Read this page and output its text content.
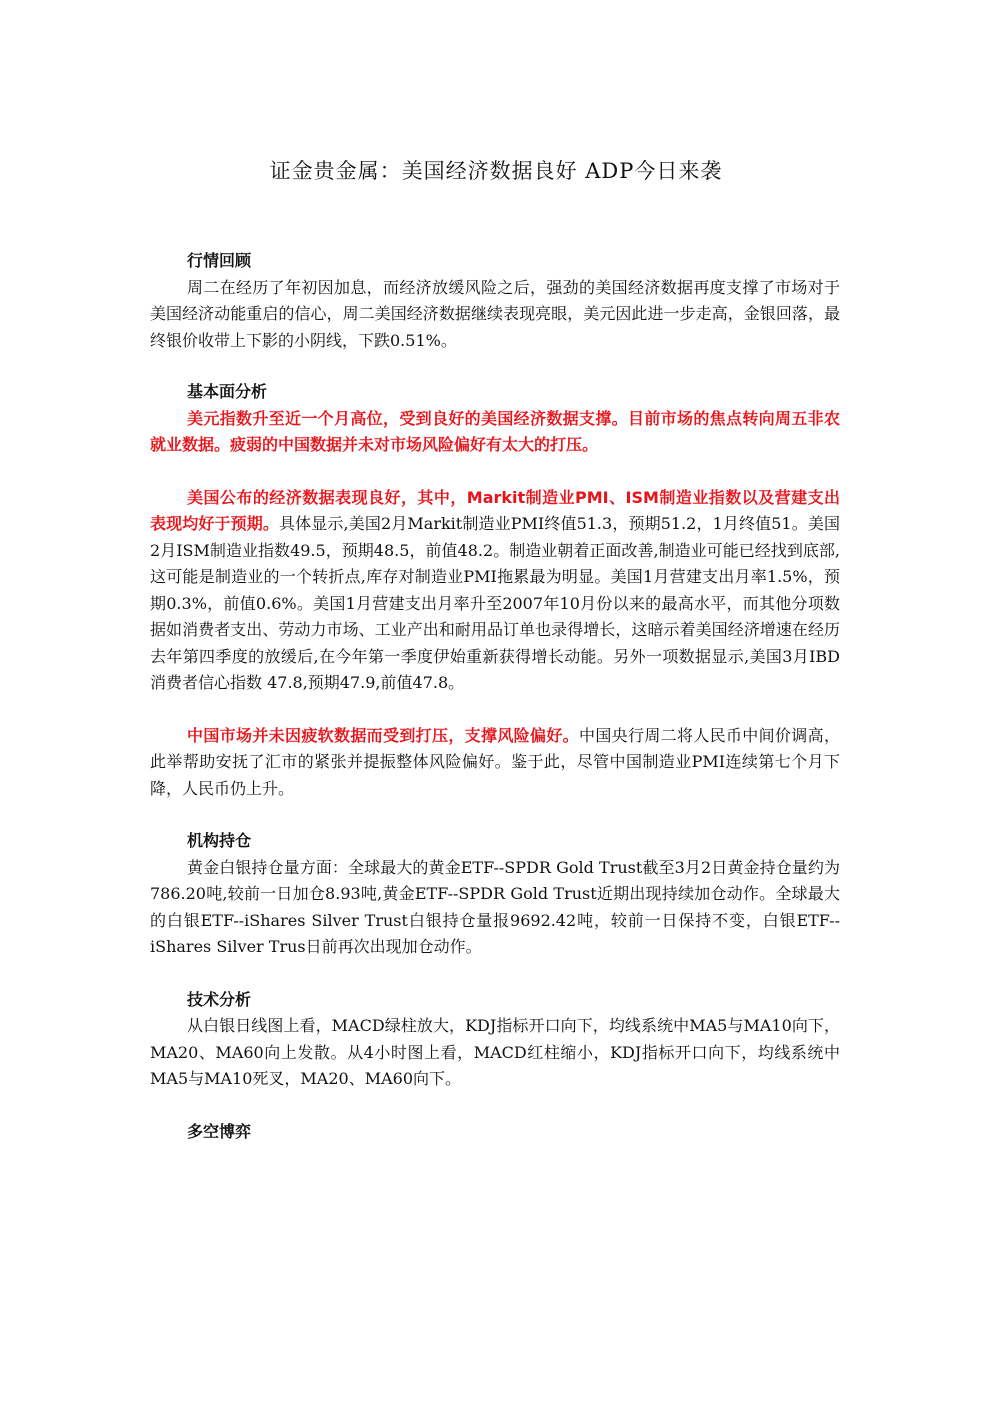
证金贵金属：美国经济数据良好 ADP今日来袭
行情回顾

周二在经历了年初因加息，而经济放缓风险之后，强劲的美国经济数据再度支撑了市场对于美国经济动能重启的信心，周二美国经济数据继续表现亮眼，美元因此进一步走高，金银回落，最终银价收带上下影的小阴线，下跌0.51%。

基本面分析

美元指数升至近一个月高位，受到良好的美国经济数据支撑。目前市场的焦点转向周五非农就业数据。疲弱的中国数据并未对市场风险偏好有太大的打压。

美国公布的经济数据表现良好，其中，Markit制造业PMI、ISM制造业指数以及营建支出表现均好于预期。具体显示,美国2月Markit制造业PMI终值51.3，预期51.2，1月终值51。美国2月ISM制造业指数49.5，预期48.5，前值48.2。制造业朝着正面改善,制造业可能已经找到底部,这可能是制造业的一个转折点,库存对制造业PMI拖累最为明显。美国1月营建支出月率1.5%，预期0.3%，前值0.6%。美国1月营建支出月率升至2007年10月份以来的最高水平，而其他分项数据如消费者支出、劳动力市场、工业产出和耐用品订单也录得增长，这暗示着美国经济增速在经历去年第四季度的放缓后,在今年第一季度伊始重新获得增长动能。另外一项数据显示,美国3月IBD消费者信心指数 47.8,预期47.9,前值47.8。

中国市场并未因疲软数据而受到打压，支撑风险偏好。中国央行周二将人民币中间价调高，此举帮助安抚了汇市的紧张并提振整体风险偏好。鉴于此，尽管中国制造业PMI连续第七个月下降，人民币仍上升。

机构持仓

黄金白银持仓量方面：全球最大的黄金ETF--SPDR Gold Trust截至3月2日黄金持仓量约为786.20吨,较前一日加仓8.93吨,黄金ETF--SPDR Gold Trust近期出现持续加仓动作。全球最大的白银ETF--iShares Silver Trust白银持仓量报9692.42吨，较前一日保持不变，白银ETF--iShares Silver Trus日前再次出现加仓动作。

技术分析

从白银日线图上看，MACD绿柱放大，KDJ指标开口向下，均线系统中MA5与MA10向下，MA20、MA60向上发散。从4小时图上看，MACD红柱缩小，KDJ指标开口向下，均线系统中MA5与MA10死叉，MA20、MA60向下。

多空博弈
